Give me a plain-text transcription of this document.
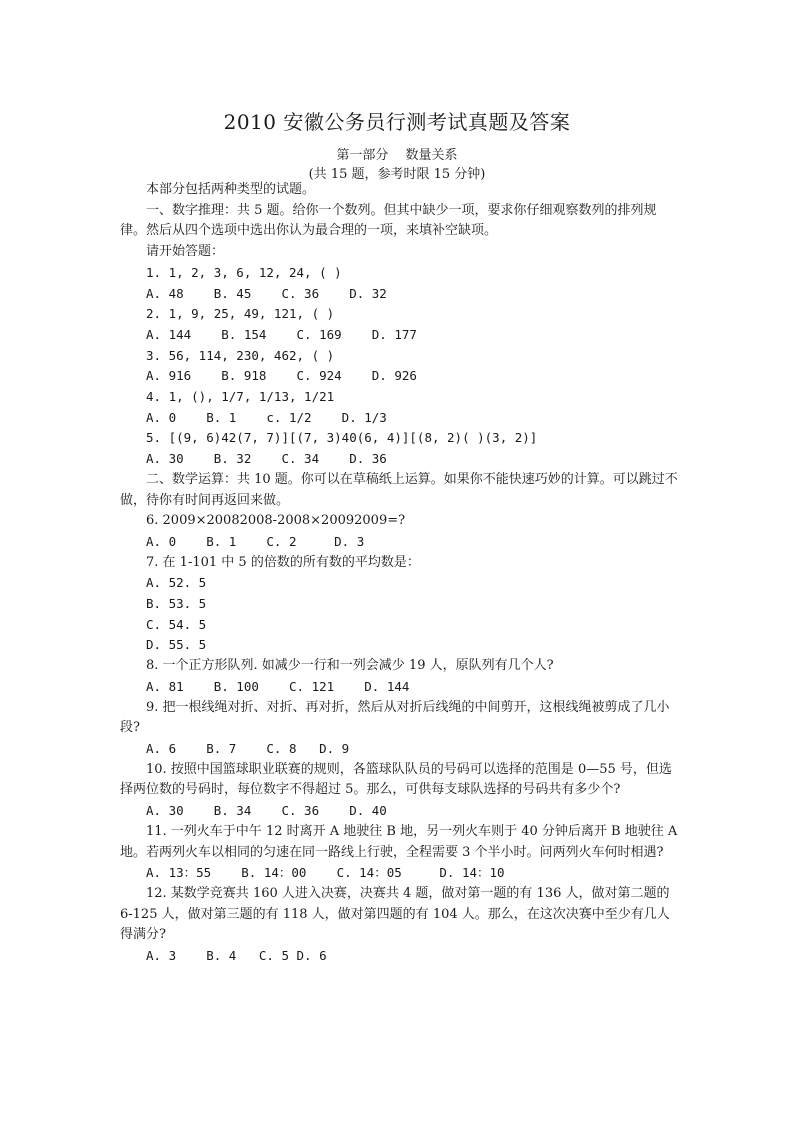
2010 安徽公务员行测考试真题及答案
第一部分　 数量关系
(共 15 题，参考时限 15 分钟)

本部分包括两种类型的试题。

一、数字推理：共 5 题。给你一个数列。但其中缺少一项，要求你仔细观察数列的排列规律。然后从四个选项中选出你认为最合理的一项，来填补空缺项。

请开始答题：

1. 1, 2, 3, 6, 12, 24, ( )

A. 48    B. 45    C. 36    D. 32

2. 1, 9, 25, 49, 121, ( )

A. 144    B. 154    C. 169    D. 177

3. 56, 114, 230, 462, ( )

A. 916    B. 918    C. 924    D. 926

4. 1, (), 1/7, 1/13, 1/21

A. 0    B. 1    c. 1/2    D. 1/3

5. [(9, 6)42(7, 7)][(7, 3)40(6, 4)][(8, 2)( )(3, 2)]

A. 30    B. 32    C. 34    D. 36

二、数学运算：共 10 题。你可以在草稿纸上运算。如果你不能快速巧妙的计算。可以跳过不做，待你有时间再返回来做。

6. 2009×20082008-2008×20092009=?

A. 0    B. 1    C. 2     D. 3

7. 在 1-101 中 5 的倍数的所有数的平均数是：

A. 52. 5

B. 53. 5

C. 54. 5

D. 55. 5

8. 一个正方形队列. 如减少一行和一列会减少 19 人，原队列有几个人?

A. 81    B. 100    C. 121    D. 144

9. 把一根线绳对折、对折、再对折，然后从对折后线绳的中间剪开，这根线绳被剪成了几小段?

A. 6    B. 7    C. 8   D. 9

10. 按照中国篮球职业联赛的规则，各篮球队队员的号码可以选择的范围是 0—55 号，但选择两位数的号码时，每位数字不得超过 5。那么，可供每支球队选择的号码共有多少个?

A. 30    B. 34    C. 36    D. 40

11. 一列火车于中午 12 时离开 A 地驶往 B 地，另一列火车则于 40 分钟后离开 B 地驶往 A 地。若两列火车以相同的匀速在同一路线上行驶，全程需要 3 个半小时。问两列火车何时相遇?

A. 13：55    B. 14：00    C. 14：05     D. 14：10

12. 某数学竞赛共 160 人进入决赛，决赛共 4 题，做对第一题的有 136 人，做对第二题的 6-125 人，做对第三题的有 118 人，做对第四题的有 104 人。那么，在这次决赛中至少有几人得满分?

A. 3    B. 4   C. 5 D. 6
